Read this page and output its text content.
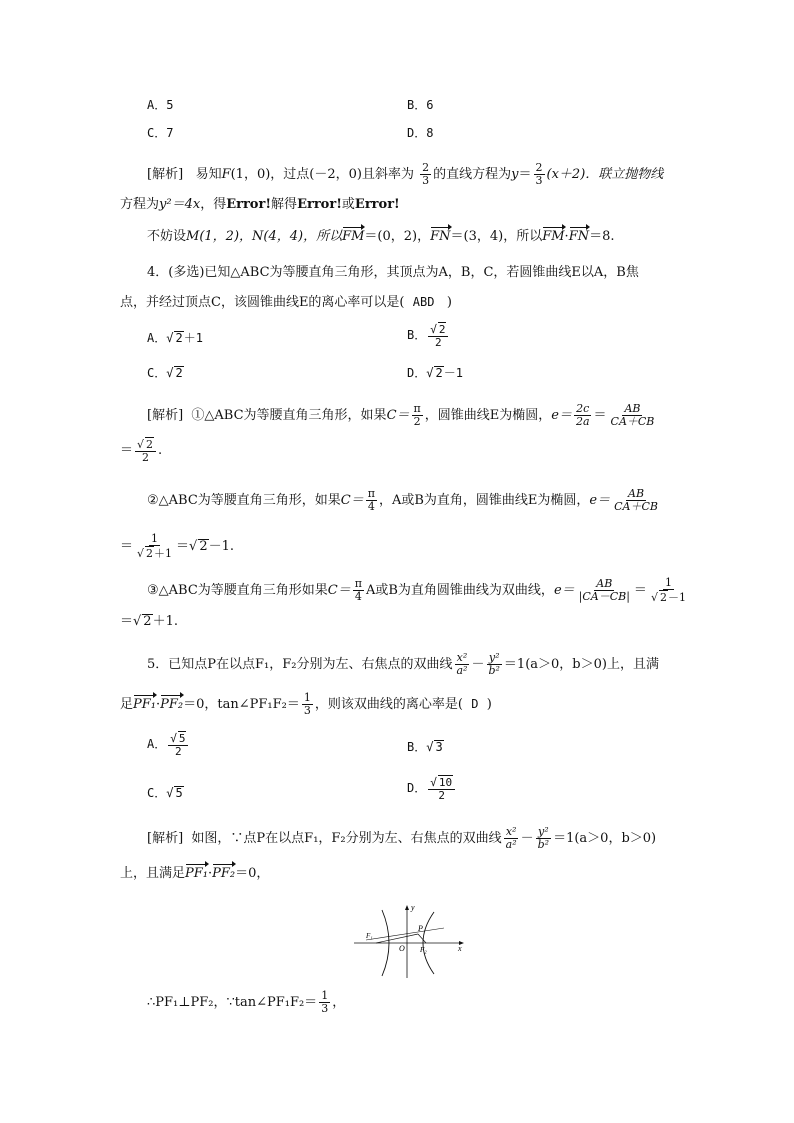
A．5	B．6
C．7	D．8
[解析] 易知F(1，0)，过点(－2，0)且斜率为 $\frac{2}{3}$ 的直线方程为$y= \frac{2}{3} (x+2)$．联立抛物线
方程为y²＝4x，得Error!解得Error!或Error!
不妨设M(1，2)，N(4，4)，所以FM＝(0，2)，FN＝(3，4)，所以FM·FN＝8.
4．(多选)已知△ABC为等腰直角三角形，其顶点为A，B，C，若圆锥曲线E以A，B焦
点，并经过顶点C，该圆锥曲线E的离心率可以是( ABD )
A．√ 2＋1	B． $\frac{√ 2}{2}$
C．√ 2	D．√ 2－1
[解析] ①△ABC为等腰直角三角形，如果$C= \frac{\pi}{2}$ ，圆锥曲线E为椭圆，$e= \frac{2c}{2a} = \frac{AB}{CA+CB}$
＝ $\frac{√ 2}{2}$ .
②△ABC为等腰直角三角形，如果$C= \frac{\pi}{4}$ ，A或B为直角，圆锥曲线E为椭圆，$e= \frac{AB}{CA+CB}$
＝ $\frac{1}{√ 2+1}$ ＝√ 2－1.
③△ABC为等腰直角三角形如果$C= \frac{\pi}{4}$ A或B为直角圆锥曲线为双曲线，$e= \frac{AB}{|CA-CB|} = \frac{1}{√ 2-1}$
＝√ 2＋1.
5．已知点P在以点F₁，F₂分别为左、右焦点的双曲线 $\frac{\text{x²}}{\text{a²}} - \frac{\text{y²}}{\text{b²}} =1(a>0$，b＞0)上，且满
足PF₁·PF₂＝0，tan∠PF₁F₂＝ $\frac{1}{3}$ ，则该双曲线的离心率是( D )
A． $\frac{√ 5}{2}$	B．√ 3
C．√ 5	D． $\frac{√ 10}{2}$
[解析] 如图，∵点P在以点F₁，F₂分别为左、右焦点的双曲线 $\frac{\text{x²}}{\text{a²}} - \frac{\text{y²}}{\text{b²}} =1(a>0$，b＞0)
上，且满足PF₁·PF₂＝0，
y
x
O
P
F₁
F₂
∴PF₁⊥PF₂，∵tan∠PF₁F₂＝ $\frac{1}{3}$ ，
